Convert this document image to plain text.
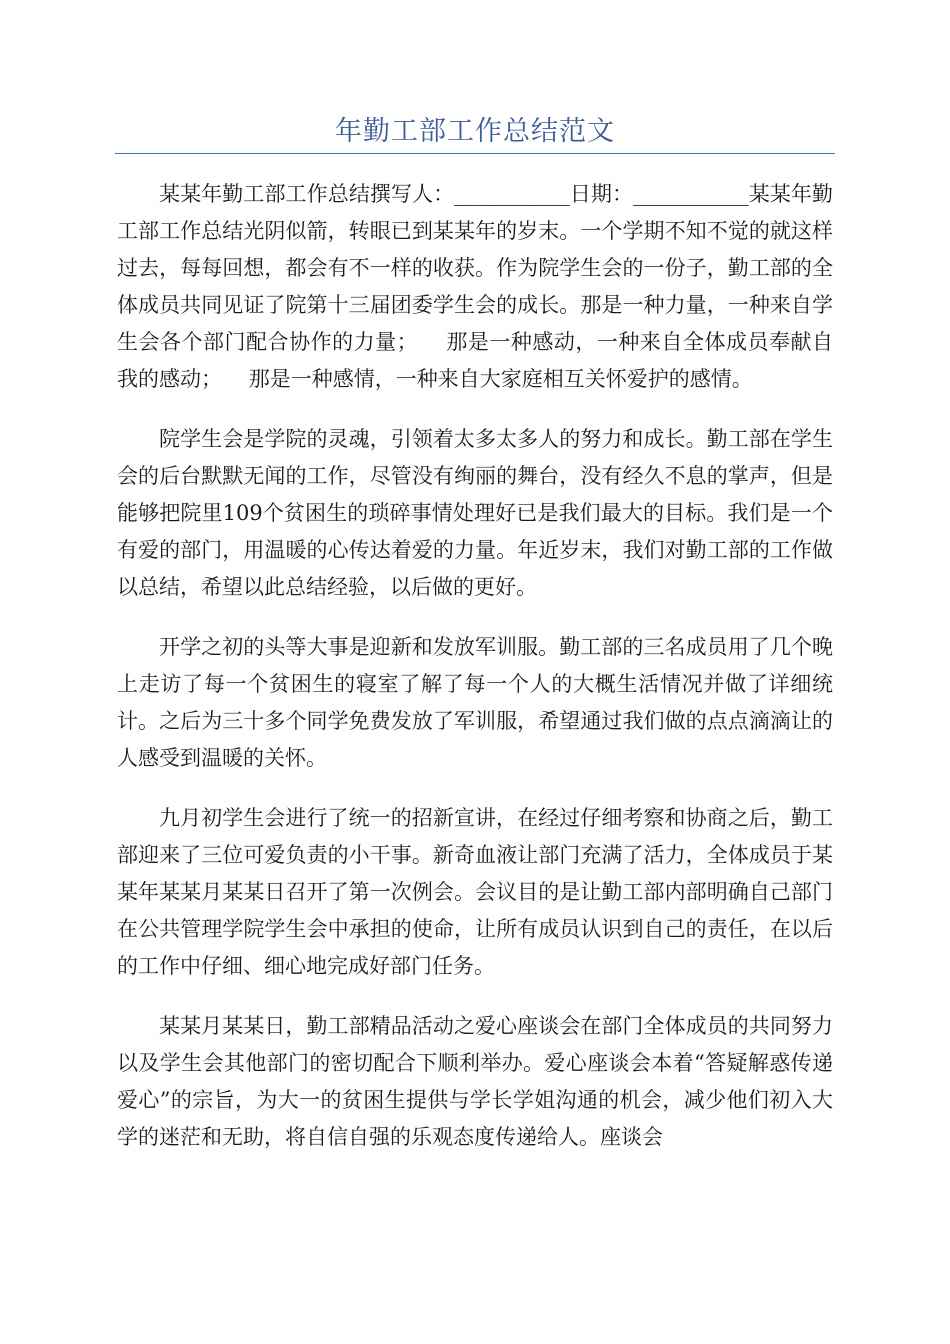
年勤工部工作总结范文

某某年勤工部工作总结撰写人：___________日期：___________某某年勤工部工作总结光阴似箭，转眼已到某某年的岁末。一个学期不知不觉的就这样过去，每每回想，都会有不一样的收获。作为院学生会的一份子，勤工部的全体成员共同见证了院第十三届团委学生会的成长。那是一种力量，一种来自学生会各个部门配合协作的力量；    那是一种感动，一种来自全体成员奉献自我的感动；    那是一种感情，一种来自大家庭相互关怀爱护的感情。

院学生会是学院的灵魂，引领着太多太多人的努力和成长。勤工部在学生会的后台默默无闻的工作，尽管没有绚丽的舞台，没有经久不息的掌声，但是能够把院里109个贫困生的琐碎事情处理好已是我们最大的目标。我们是一个有爱的部门，用温暖的心传达着爱的力量。年近岁末，我们对勤工部的工作做以总结，希望以此总结经验，以后做的更好。

开学之初的头等大事是迎新和发放军训服。勤工部的三名成员用了几个晚上走访了每一个贫困生的寝室了解了每一个人的大概生活情况并做了详细统计。之后为三十多个同学免费发放了军训服，希望通过我们做的点点滴滴让的人感受到温暖的关怀。

九月初学生会进行了统一的招新宣讲，在经过仔细考察和协商之后，勤工部迎来了三位可爱负责的小干事。新奇血液让部门充满了活力，全体成员于某某年某某月某某日召开了第一次例会。会议目的是让勤工部内部明确自己部门在公共管理学院学生会中承担的使命，让所有成员认识到自己的责任，在以后的工作中仔细、细心地完成好部门任务。

某某月某某日，勤工部精品活动之爱心座谈会在部门全体成员的共同努力以及学生会其他部门的密切配合下顺利举办。爱心座谈会本着“答疑解惑传递爱心”的宗旨，为大一的贫困生提供与学长学姐沟通的机会，减少他们初入大学的迷茫和无助，将自信自强的乐观态度传递给人。座谈会
